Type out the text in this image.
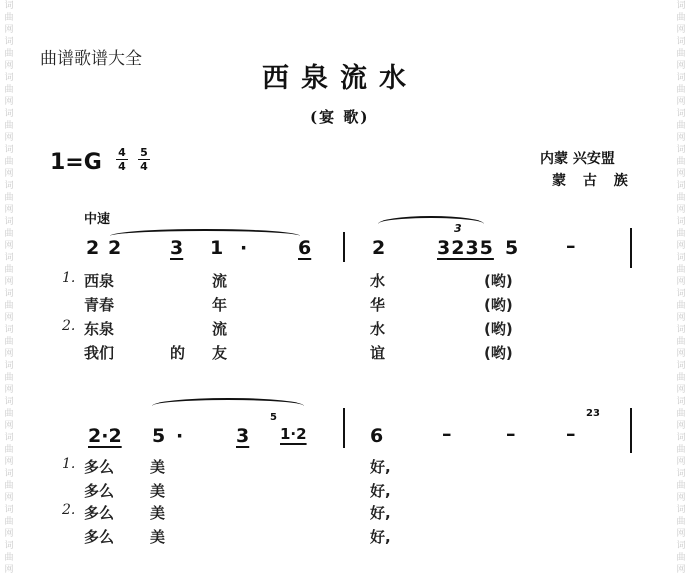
词
曲
网
词
曲
网
词
曲
网
词
曲
网
词
曲
网
词
曲
网
词
曲
网
词
曲
网
词
曲
网
词
曲
网
词
曲
网
词
曲
网
词
曲
网
词
曲
网
词
曲
网
词
曲
网
词
曲
网
词
曲
网
词
曲
网
词
曲
网
词
曲
网
词
曲
网
词
曲
网
词
曲
网
词
曲
网
词
曲
网
词
曲
网
词
曲
网
词
曲
网
词
曲
网
词
曲
网
词
曲
网
曲谱歌谱大全
西泉流水
(宴 歌)
内蒙 兴安盟
蒙 古 族
1=G 4
4
5
4
中速
3
2 2	3 1 ·	6	2	3235 5	–
1. 西泉	流	水	(哟)
青春	年	华	(哟)
2. 东泉	流	水	(哟)
我们	的 友	谊	(哟)
5
2·2 5 ·	3 1·2	6	–	–	–
23
1. 多么 美	好,
多么 美	好,
2. 多么 美	好,
多么 美	好,
